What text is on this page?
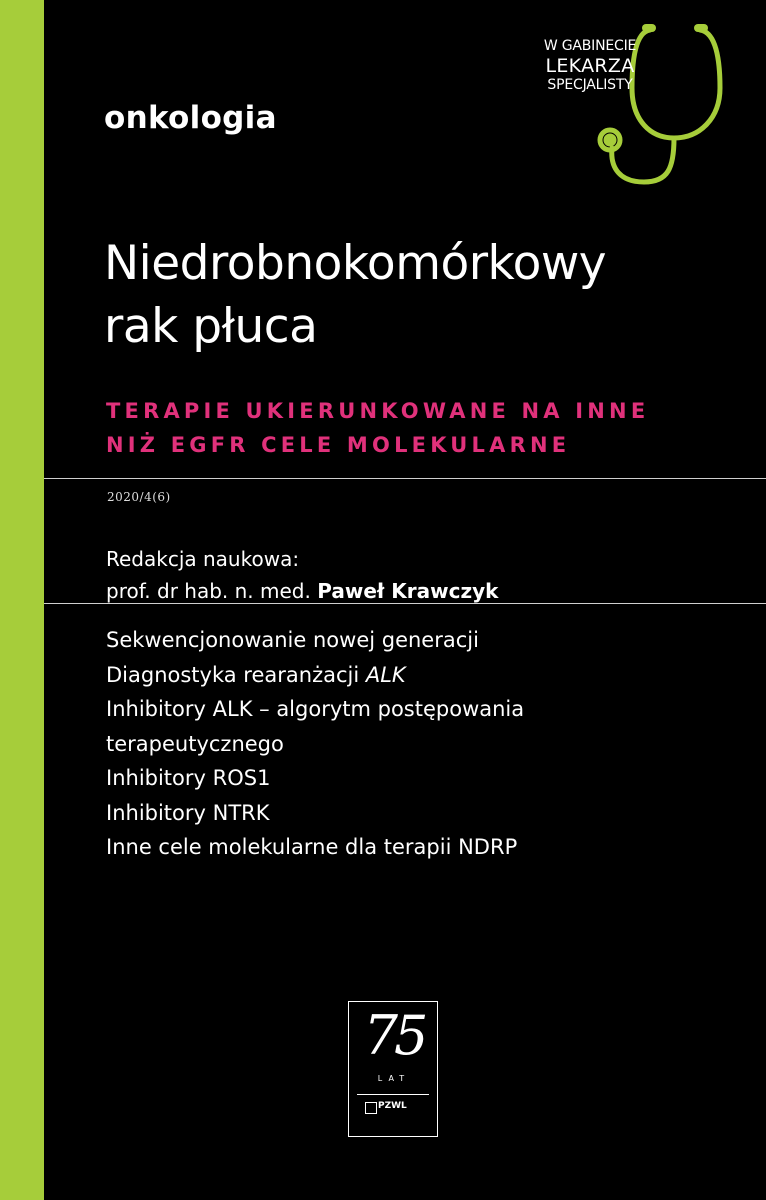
onkologia
W GABINECIE
LEKARZA
SPECJALISTY
Niedrobnokomórkowy
rak płuca
TERAPIE UKIERUNKOWANE NA INNE
NIŻ EGFR CELE MOLEKULARNE
2020/4(6)
Redakcja naukowa:
prof. dr hab. n. med. Paweł Krawczyk
Sekwencjonowanie nowej generacji
Diagnostyka rearanżacji ALK
Inhibitory ALK – algorytm postępowania
terapeutycznego
Inhibitory ROS1
Inhibitory NTRK
Inne cele molekularne dla terapii NDRP
75
LAT
PZWL
